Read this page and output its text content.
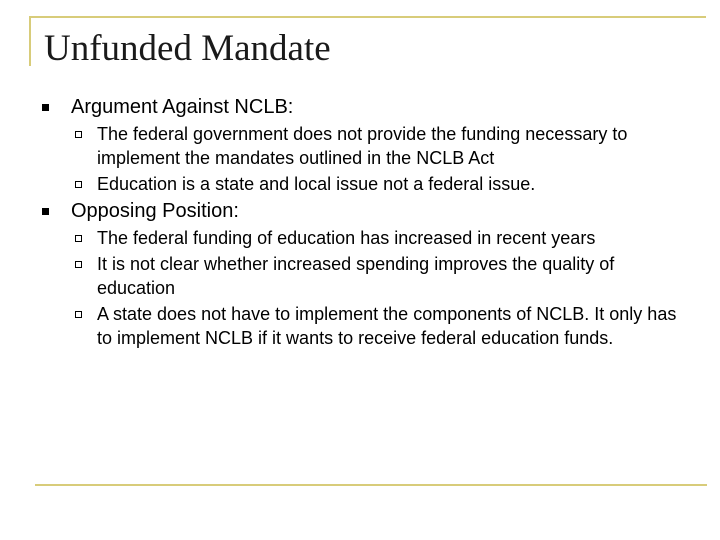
Unfunded Mandate
Argument Against NCLB:
The federal government does not provide the funding necessary to implement the mandates outlined in the NCLB Act
Education is a state and local issue not a federal issue.
Opposing Position:
The federal funding of education has increased in recent years
It is not clear whether increased spending improves the quality of education
A state does not have to implement the components of NCLB. It only has to implement NCLB if it wants to receive federal education funds.
